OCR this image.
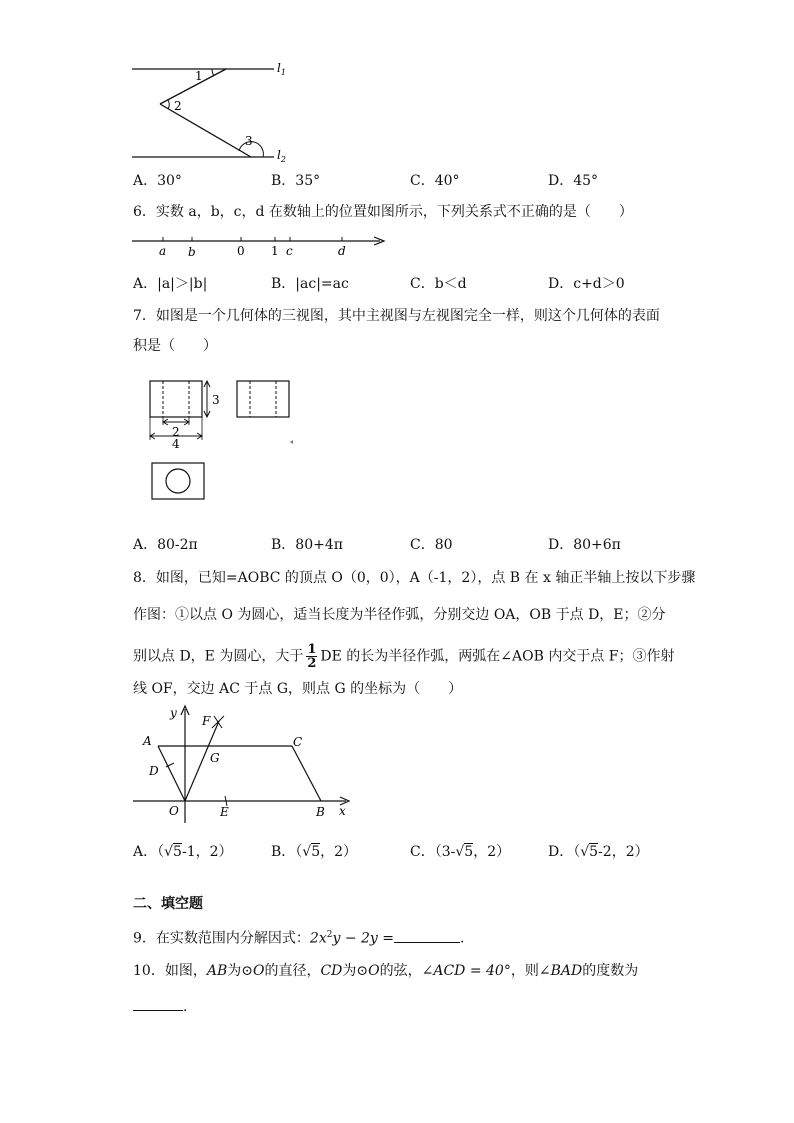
1
2
3
$l_1$
$l_2$
A．30°	B．35°	C．40°	D．45°
6．实数 a，b，c，d 在数轴上的位置如图所示，下列关系式不正确的是（　　）
a b	0 1 c	d
A．|a|＞|b|	B．|ac|=ac	C．b＜d	D．c+d＞0
7．如图是一个几何体的三视图，其中主视图与左视图完全一样，则这个几何体的表面
积是（　　）
3
2
4
A．80-2π	B．80+4π	C．80	D．80+6π
8．如图，已知=AOBC 的顶点 O（0，0），A（-1，2），点 B 在 x 轴正半轴上按以下步骤
作图：①以点 O 为圆心，适当长度为半径作弧，分别交边 OA，OB 于点 D，E；②分
别以点 D，E 为圆心，大于 $\frac{1}{2}$ DE 的长为半径作弧，两弧在∠AOB 内交于点 F；③作射
线 OF，交边 AC 于点 G，则点 G 的坐标为（　　）
y
F
A	C
D
G
O	E	B x
A．（√5-1，2）	B．（√5，2）	C．（3-√5，2）	D．（√5-2，2）
二、填空题
9．在实数范围内分解因式：$2x^2y - 2y$ =	.
10．如图，AB为⊙O的直径，CD为⊙O的弦，∠ACD = 40°，则∠BAD的度数为
.
